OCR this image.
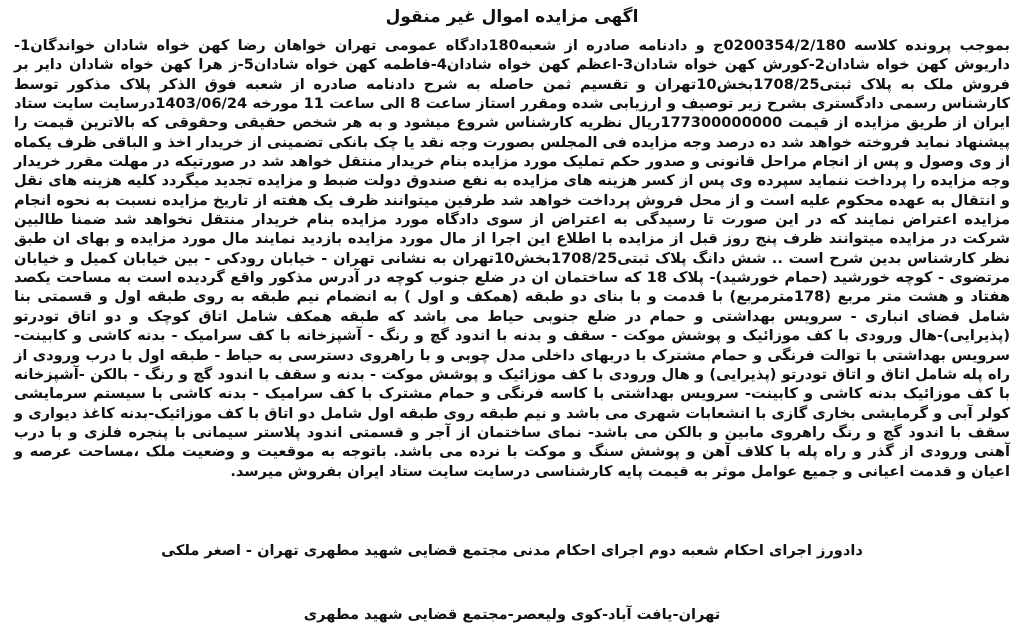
اگهی مزایده اموال غیر منقول

بموجب پرونده کلاسه 0200354/2/180ج و دادنامه صادره از شعبه180دادگاه عمومی تهران خواهان رضا کهن خواه شادان خواندگان1-داریوش کهن خواه شادان2-کورش کهن خواه شادان3-اعظم کهن خواه شادان4-فاطمه کهن خواه شادان5-ز هرا کهن خواه شادان دایر بر فروش ملک به پلاک ثبتی1708/25بخش10تهران و تقسیم ثمن حاصله به شرح دادنامه صادره از شعبه فوق الذکر پلاک مذکور توسط کارشناس رسمی دادگستری بشرح زیر توصیف و ارزیابی شده ومقرر استاز ساعت 8 الی ساعت 11 مورخه 1403/06/24درسایت سایت ستاد ایران از طریق مزایده از قیمت 177300000000ریال نظریه کارشناس شروع میشود و به هر شخص حقیقی وحقوقی که بالاترین قیمت را پیشنهاد نماید فروخته خواهد شد ده درصد وجه مزایده فی المجلس بصورت وجه نقد یا چک بانکی تضمینی از خریدار اخذ و الباقی ظرف یکماه از وی وصول و پس از انجام مراحل قانونی و صدور حکم تملیک مورد مزایده بنام خریدار منتقل خواهد شد در صورتیکه در مهلت مقرر خریدار وجه مزایده را پرداخت ننماید سپرده وی پس از کسر هزینه های مزایده به نفع صندوق دولت ضبط و مزایده تجدید میگردد کلیه هزینه های نقل و انتقال به عهده محکوم علیه است و از محل فروش پرداخت خواهد شد طرفین میتوانند ظرف یک هفته از تاریخ مزایده نسبت به نحوه انجام مزایده اعتراض نمایند که در این صورت تا رسیدگی به اعتراض از سوی دادگاه مورد مزایده بنام خریدار منتقل نخواهد شد ضمنا طالبین شرکت در مزایده میتوانند ظرف پنج روز قبل از مزایده با اطلاع این اجرا از مال مورد مزایده بازدید نمایند مال مورد مزایده و بهای ان طبق نظر کارشناس بدین شرح است .. شش دانگ پلاک ثبتی1708/25بخش10تهران به نشانی تهران - خیابان رودکی - بین خیابان کمیل و خیابان مرتضوی - کوچه خورشید (حمام خورشید)- پلاک 18 که ساختمان ان در ضلع جنوب کوچه در آدرس مذکور واقع گردیده است به مساحت یکصد هفتاد و هشت متر مربع (178مترمربع) با قدمت و با بنای دو طبقه (همکف و اول ) به انضمام نیم طبقه به روی طبقه اول و قسمتی بنا شامل فضای انباری - سرویس بهداشتی و حمام در ضلع جنوبی حیاط می باشد که طبقه همکف شامل اتاق کوچک و دو اتاق تودرتو (پذیرایی)-هال ورودی با کف موزائیک و پوشش موکت - سقف و بدنه با اندود گچ و رنگ - آشپزخانه با کف سرامیک - بدنه کاشی و کابینت- سرویس بهداشتی با توالت فرنگی و حمام مشترک با دربهای داخلی مدل چوبی و با راهروی دسترسی به حیاط - طبقه اول با درب ورودی از راه پله شامل اتاق و اتاق تودرتو (پذیرایی) و هال ورودی با کف موزائیک و پوشش موکت - بدنه و سقف با اندود گچ و رنگ - بالکن -آشپزخانه با کف موزائیک بدنه کاشی و کابینت- سرویس بهداشتی با کاسه فرنگی و حمام مشترک با کف سرامیک - بدنه کاشی با سیستم سرمایشی کولر آبی و گرمایشی بخاری گازی با انشعابات شهری می باشد و نیم طبقه روی طبقه اول شامل دو اتاق با کف موزائیک-بدنه کاغذ دیواری و سقف با اندود گچ و رنگ راهروی مابین و بالکن می باشد- نمای ساختمان از آجر و قسمتی اندود پلاستر سیمانی با پنجره فلزی و با درب آهنی ورودی از گذر و راه پله با کلاف آهن و پوشش سنگ و موکت با نرده می باشد. باتوجه به موقعیت و وضعیت ملک ،مساحت عرصه و اعیان و قدمت اعیانی و جمیع عوامل موثر به قیمت پایه کارشناسی درسایت سایت ستاد ایران بفروش میرسد.

دادورز اجرای احکام شعبه دوم اجرای احکام مدنی مجتمع قضایی شهید مطهری تهران - اصغر ملکی
تهران-یافت آباد-کوی ولیعصر-مجتمع قضایی شهید مطهری
